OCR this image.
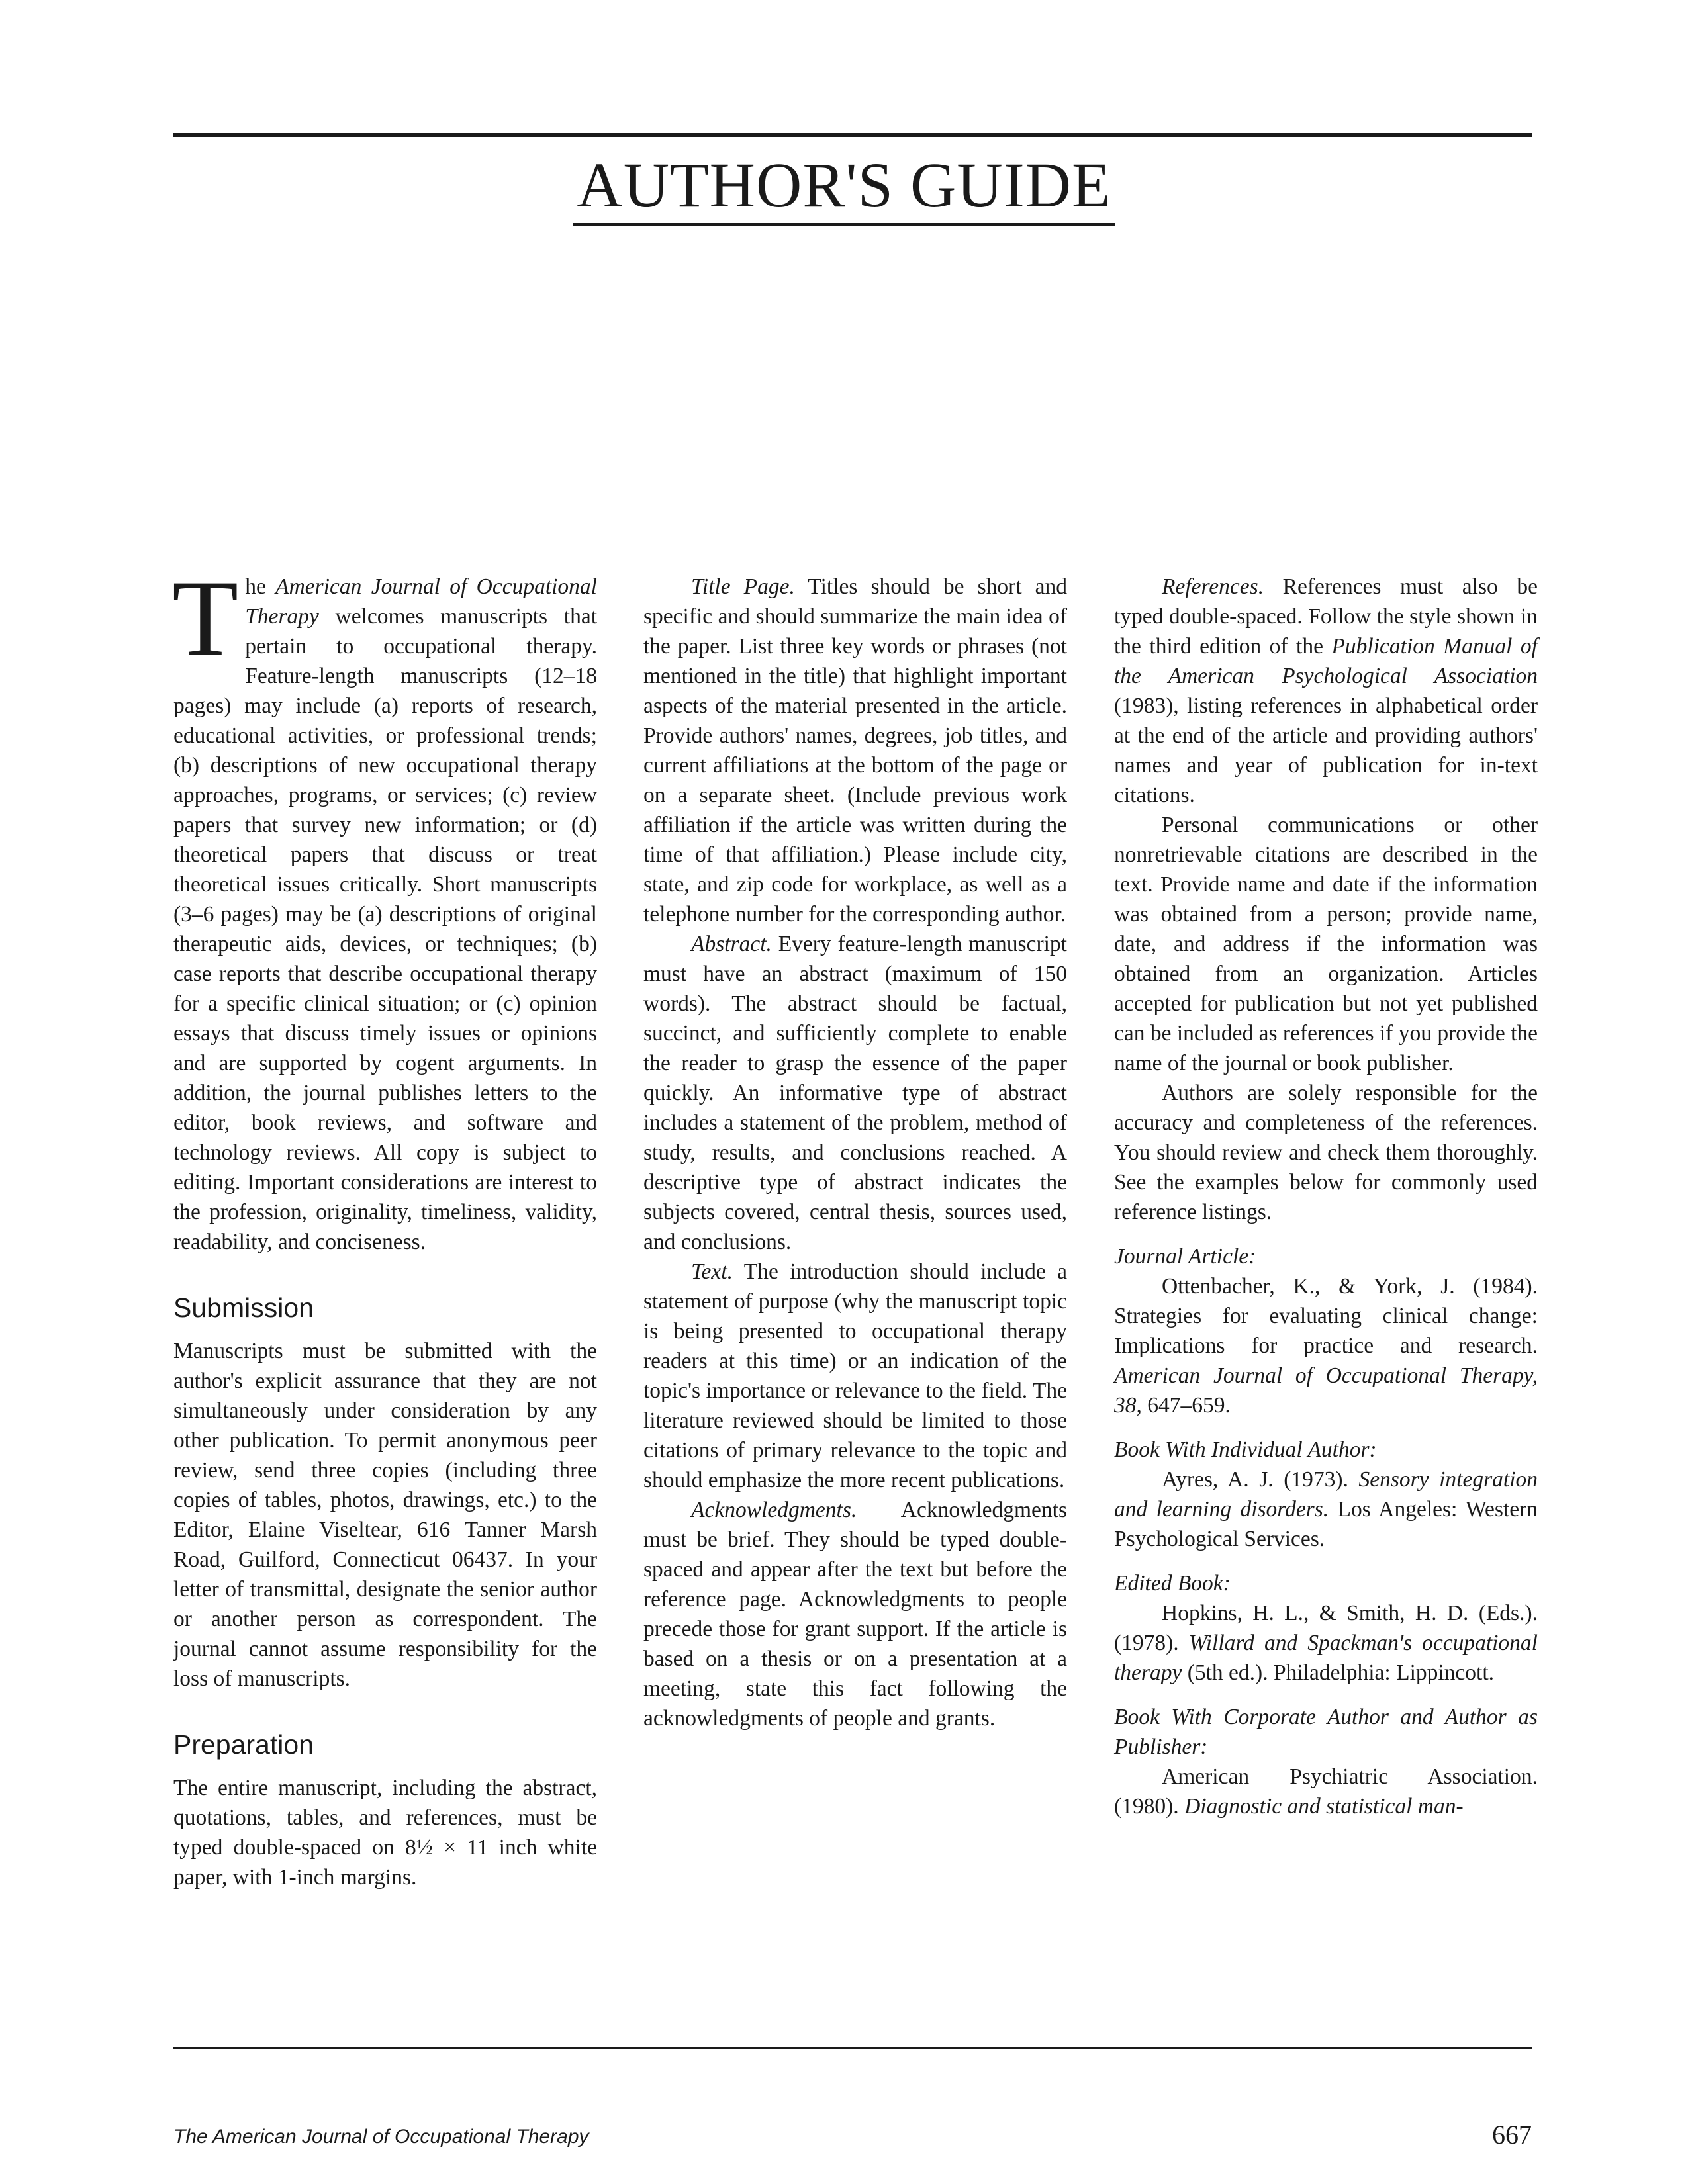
AUTHOR'S GUIDE

The American Journal of Occupational Therapy welcomes manuscripts that pertain to occupational therapy. Feature-length manuscripts (12–18 pages) may include (a) reports of research, educational activities, or professional trends; (b) descriptions of new occupational therapy approaches, programs, or services; (c) review papers that survey new information; or (d) theoretical papers that discuss or treat theoretical issues critically. Short manuscripts (3–6 pages) may be (a) descriptions of original therapeutic aids, devices, or techniques; (b) case reports that describe occupational therapy for a specific clinical situation; or (c) opinion essays that discuss timely issues or opinions and are supported by cogent arguments. In addition, the journal publishes letters to the editor, book reviews, and software and technology reviews. All copy is subject to editing. Important considerations are interest to the profession, originality, timeliness, validity, readability, and conciseness.

Submission

Manuscripts must be submitted with the author's explicit assurance that they are not simultaneously under consideration by any other publication. To permit anonymous peer review, send three copies (including three copies of tables, photos, drawings, etc.) to the Editor, Elaine Viseltear, 616 Tanner Marsh Road, Guilford, Connecticut 06437. In your letter of transmittal, designate the senior author or another person as correspondent. The journal cannot assume responsibility for the loss of manuscripts.

Preparation

The entire manuscript, including the abstract, quotations, tables, and references, must be typed double-spaced on 8½ × 11 inch white paper, with 1-inch margins.

Title Page. Titles should be short and specific and should summarize the main idea of the paper. List three key words or phrases (not mentioned in the title) that highlight important aspects of the material presented in the article. Provide authors' names, degrees, job titles, and current affiliations at the bottom of the page or on a separate sheet. (Include previous work affiliation if the article was written during the time of that affiliation.) Please include city, state, and zip code for workplace, as well as a telephone number for the corresponding author.

Abstract. Every feature-length manuscript must have an abstract (maximum of 150 words). The abstract should be factual, succinct, and sufficiently complete to enable the reader to grasp the essence of the paper quickly. An informative type of abstract includes a statement of the problem, method of study, results, and conclusions reached. A descriptive type of abstract indicates the subjects covered, central thesis, sources used, and conclusions.

Text. The introduction should include a statement of purpose (why the manuscript topic is being presented to occupational therapy readers at this time) or an indication of the topic's importance or relevance to the field. The literature reviewed should be limited to those citations of primary relevance to the topic and should emphasize the more recent publications.

Acknowledgments. Acknowledgments must be brief. They should be typed double-spaced and appear after the text but before the reference page. Acknowledgments to people precede those for grant support. If the article is based on a thesis or on a presentation at a meeting, state this fact following the acknowledgments of people and grants.

References. References must also be typed double-spaced. Follow the style shown in the third edition of the Publication Manual of the American Psychological Association (1983), listing references in alphabetical order at the end of the article and providing authors' names and year of publication for in-text citations.

Personal communications or other nonretrievable citations are described in the text. Provide name and date if the information was obtained from a person; provide name, date, and address if the information was obtained from an organization. Articles accepted for publication but not yet published can be included as references if you provide the name of the journal or book publisher.

Authors are solely responsible for the accuracy and completeness of the references. You should review and check them thoroughly. See the examples below for commonly used reference listings.

Journal Article:

Ottenbacher, K., & York, J. (1984). Strategies for evaluating clinical change: Implications for practice and research. American Journal of Occupational Therapy, 38, 647–659.

Book With Individual Author:

Ayres, A. J. (1973). Sensory integration and learning disorders. Los Angeles: Western Psychological Services.

Edited Book:

Hopkins, H. L., & Smith, H. D. (Eds.). (1978). Willard and Spackman's occupational therapy (5th ed.). Philadelphia: Lippincott.

Book With Corporate Author and Author as Publisher:

American Psychiatric Association. (1980). Diagnostic and statistical man-

The American Journal of Occupational Therapy	667
